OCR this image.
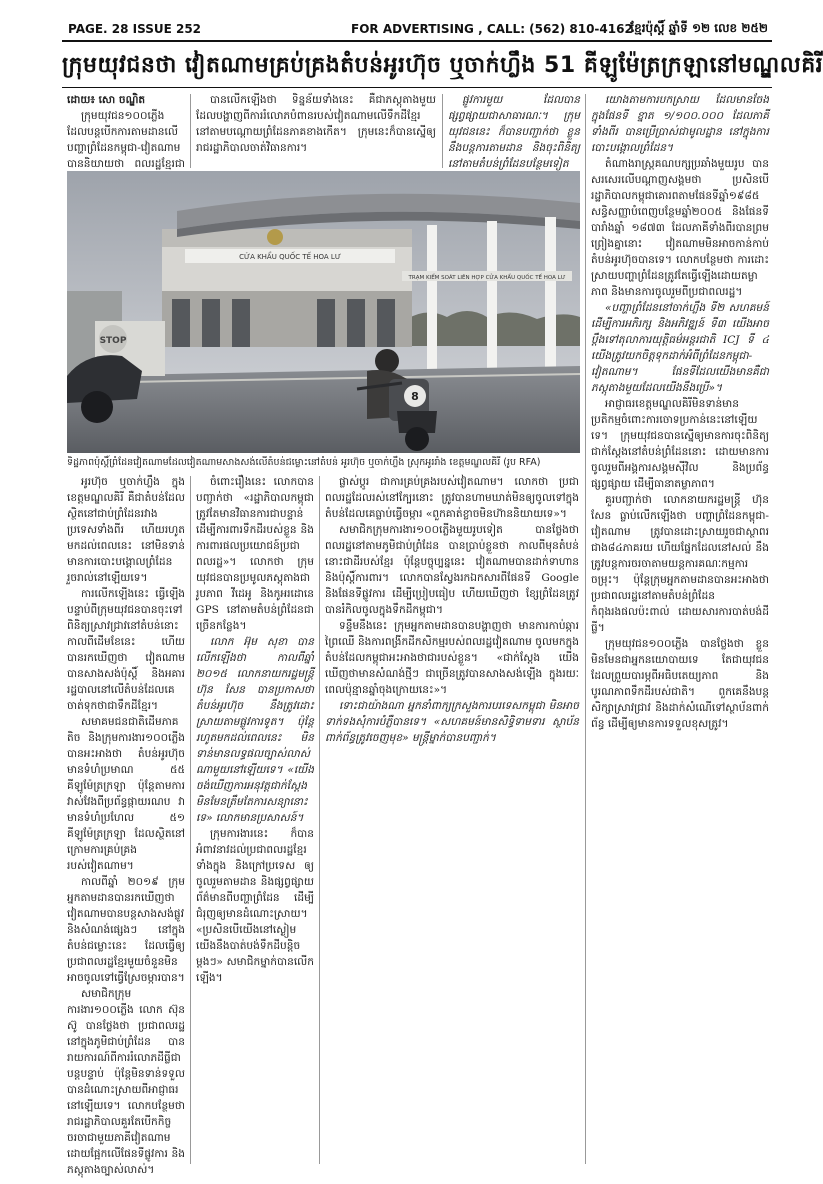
PAGE. 28 ISSUE 252	FOR ADVERTISING , CALL: (562) 810-4162
ខ្មែរប៉ុស្តិ៍ ឆ្នាំទី ១២ លេខ ២៥២
ក្រុមយុវជនថា វៀតណាមគ្រប់គ្រងតំបន់អូរហ៊ុច ឬចាក់ហ្លឹង 51 គីឡូម៉ែត្រក្រឡានៅមណ្ឌលគិរី

ដោយ៖ សោ ចណ្ឌិត

ក្រុមយុវជន១០០ភ្លើង ដែលបន្តបើកការតាមដានលើបញ្ហាព្រំដែនកម្ពុជា-វៀតណាម បាននិយាយថា ពលរដ្ឋខ្មែរជា

បានលើកឡើងថា ទិន្នន័យទាំងនេះ គឺជាភស្តុតាងមួយ ដែលបង្ហាញពីការរំលោភបំពានរបស់វៀតណាមលើទឹកដីខ្មែរ នៅតាមបណ្ដោយព្រំដែនភាគខាងកើត។ ក្រុមនេះក៏បានស្នើឲ្យរាជរដ្ឋាភិបាលចាត់វិធានការ។

ផ្លូវការមួយ ដែលបានផ្សព្វផ្សាយជាសាធារណៈ។ ក្រុមយុវជននេះ ក៏បានបញ្ជាក់ថា ខ្លួននឹងបន្តការតាមដាន និងចុះពិនិត្យនៅតាមតំបន់ព្រំដែនបន្ថែមទៀត

CỬA KHẨU QUỐC TẾ HOA LƯ
TRẠM KIỂM SOÁT LIÊN HỢP CỬA KHẨU QUỐC TẾ HOA LƯ
STOP
8
ទិដ្ឋភាពប៉ុស្ដិ៍ព្រំដែនវៀតណាមដែលវៀតណាមសាងសង់លើតំបន់ជម្លោះនៅតំបន់ អូរហ៊ុច ឬចាក់ហ្លឹង ស្រុកអូររាំង ខេត្តមណ្ឌលគិរី (រូប RFA)

យោងតាមការបកស្រាយ ដែលមានចែងក្នុងផែនទី ខ្នាត ១/១០០.០០០ ដែលភាគីទាំងពីរ បានប្រើប្រាស់ជាមូលដ្ឋាន នៅក្នុងការបោះបង្គោលព្រំដែន។

តំណាងរាស្ត្រគណបក្សប្រឆាំងមួយរូប បានសរសេរលើបណ្ដាញសង្គមថា ប្រសិនបើរដ្ឋាភិបាលកម្ពុជាគោរពតាមផែនទីឆ្នាំ១៩៨៥ សន្ធិសញ្ញាបំពេញបន្ថែមឆ្នាំ២០០៥ និងផែនទីបារាំងឆ្នាំ ១៨៧៣ ដែលភាគីទាំងពីរបានព្រមព្រៀងគ្នានោះ វៀតណាមមិនអាចកាន់កាប់តំបន់អូរហ៊ុចបានទេ។ លោកបន្ថែមថា ការដោះស្រាយបញ្ហាព្រំដែនត្រូវតែធ្វើឡើងដោយតម្លាភាព និងមានការចូលរួមពីប្រជាពលរដ្ឋ។

«បញ្ហាព្រំដែននៅចាក់ហ្លឹង ទី២ សហគមន៍ដើម្បីការអភិរក្ស និងអភិវឌ្ឍន៍ ទី៣ យើងអាចប្ដឹងទៅតុលាការយុត្តិធម៌អន្តរជាតិ ICJ ទី ៤ យើងត្រូវយកចិត្តទុកដាក់អំពីព្រំដែនកម្ពុជា-វៀតណាម។ ផែនទីដែលយើងមានគឺជាភស្តុតាងមួយដែលយើងនឹងប្រើ»។

អាជ្ញាធរខេត្តមណ្ឌលគិរីមិនទាន់មានប្រតិកម្មចំពោះការចោទប្រកាន់នេះនៅឡើយទេ។ ក្រុមយុវជនបានស្នើឲ្យមានការចុះពិនិត្យជាក់ស្ដែងនៅតំបន់ព្រំដែននោះ ដោយមានការចូលរួមពីអង្គការសង្គមស៊ីវិល និងប្រព័ន្ធផ្សព្វផ្សាយ ដើម្បីធានាតម្លាភាព។

គួរបញ្ជាក់ថា លោកនាយករដ្ឋមន្ត្រី ហ៊ុន សែន ធ្លាប់លើកឡើងថា បញ្ហាព្រំដែនកម្ពុជា-វៀតណាម ត្រូវបានដោះស្រាយរួចជាស្ថាពរជាង៨៤ភាគរយ ហើយផ្នែកដែលនៅសល់ នឹងត្រូវបន្តការចរចាតាមយន្តការគណៈកម្មការចម្រុះ។ ប៉ុន្តែក្រុមអ្នកតាមដានបានអះអាងថា ប្រជាពលរដ្ឋនៅតាមតំបន់ព្រំដែនកំពុងរងផលប៉ះពាល់ ដោយសារការបាត់បង់ដីធ្លី។

ក្រុមយុវជន១០០ភ្លើង បានថ្លែងថា ខ្លួនមិនមែនជាអ្នកនយោបាយទេ តែជាយុវជនដែលព្រួយបារម្ភពីអធិបតេយ្យភាព និងបូរណភាពទឹកដីរបស់ជាតិ។ ពួកគេនឹងបន្តសិក្សាស្រាវជ្រាវ និងដាក់សំណើទៅស្ថាប័នពាក់ព័ន្ធ ដើម្បីឲ្យមានការទទួលខុសត្រូវ។

អូរហ៊ុច ឬចាក់ហ្លឹង ក្នុងខេត្តមណ្ឌលគិរី គឺជាតំបន់ដែលស្ថិតនៅជាប់ព្រំដែនរវាងប្រទេសទាំងពីរ ហើយរហូតមកដល់ពេលនេះ នៅមិនទាន់មានការបោះបង្គោលព្រំដែនរួចរាល់នៅឡើយទេ។

ការលើកឡើងនេះ ធ្វើឡើងបន្ទាប់ពីក្រុមយុវជនបានចុះទៅពិនិត្យស្រាវជ្រាវនៅតំបន់នោះ កាលពីដើមខែនេះ ហើយបានរកឃើញថា វៀតណាមបានសាងសង់ប៉ុស្ដិ៍ និងអគាររដ្ឋបាលនៅលើតំបន់ដែលគេចាត់ទុកថាជាទឹកដីខ្មែរ។

សមាគមជនជាតិដើមភាគតិច និងក្រុមការងារ១០០ភ្លើង បានអះអាងថា តំបន់អូរហ៊ុច មានទំហំប្រមាណ ៥៥ គីឡូម៉ែត្រក្រឡា ប៉ុន្តែតាមការវាស់វែងពីប្រព័ន្ធផ្កាយរណប វាមានទំហំប្រហែល ៥១ គីឡូម៉ែត្រក្រឡា ដែលស្ថិតនៅក្រោមការគ្រប់គ្រងរបស់វៀតណាម។

កាលពីឆ្នាំ ២០១៩ ក្រុមអ្នកតាមដានបានរកឃើញថា វៀតណាមបានបន្តសាងសង់ផ្លូវ និងសំណង់ផ្សេងៗ នៅក្នុងតំបន់ជម្លោះនេះ ដែលធ្វើឲ្យប្រជាពលរដ្ឋខ្មែរមួយចំនួនមិនអាចចូលទៅធ្វើស្រែចម្ការបាន។

សមាជិកក្រុមការងារ១០០ភ្លើង លោក ស៊ុន ស៊ូ បានថ្លែងថា ប្រជាពលរដ្ឋនៅក្នុងភូមិជាប់ព្រំដែន បានរាយការណ៍ពីការរំលោភដីធ្លីជាបន្តបន្ទាប់ ប៉ុន្តែមិនទាន់ទទួលបានដំណោះស្រាយពីអាជ្ញាធរនៅឡើយទេ។ លោកបន្ថែមថា រាជរដ្ឋាភិបាលគួរតែបើកកិច្ចចរចាជាមួយភាគីវៀតណាម ដោយផ្អែកលើផែនទីផ្លូវការ និងភស្តុតាងច្បាស់លាស់។

ចំពោះរឿងនេះ លោកបានបញ្ជាក់ថា «រដ្ឋាភិបាលកម្ពុជាត្រូវតែមានវិធានការជាបន្ទាន់ ដើម្បីការពារទឹកដីរបស់ខ្លួន និងការពារផលប្រយោជន៍ប្រជាពលរដ្ឋ»។ លោកថា ក្រុមយុវជនបានប្រមូលភស្តុតាងជារូបភាព វីដេអូ និងកូអរដោនេ GPS នៅតាមតំបន់ព្រំដែនជាច្រើនកន្លែង។

លោក អ៊ុម សុខា បានលើកឡើងថា កាលពីឆ្នាំ ២០១៥ លោកនាយករដ្ឋមន្ត្រី ហ៊ុន សែន បានប្រកាសថា តំបន់អូរហ៊ុច នឹងត្រូវដោះស្រាយតាមផ្លូវការទូត។ ប៉ុន្តែរហូតមកដល់ពេលនេះ មិនទាន់មានលទ្ធផលច្បាស់លាស់ណាមួយនៅឡើយទេ។ «យើងចង់ឃើញការអនុវត្តជាក់ស្ដែង មិនមែនត្រឹមតែការសន្យានោះទេ» លោកមានប្រសាសន៍។

ក្រុមការងារនេះ ក៏បានអំពាវនាវដល់ប្រជាពលរដ្ឋខ្មែរទាំងក្នុង និងក្រៅប្រទេស ឲ្យចូលរួមតាមដាន និងផ្សព្វផ្សាយព័ត៌មានពីបញ្ហាព្រំដែន ដើម្បីជំរុញឲ្យមានដំណោះស្រាយ។ «ប្រសិនបើយើងនៅស្ងៀម យើងនឹងបាត់បង់ទឹកដីបន្តិចម្ដងៗ» សមាជិកម្នាក់បានលើកឡើង។

ផ្លាស់ប្តូរ ជាការគ្រប់គ្រងរបស់វៀតណាម។ លោកថា ប្រជាពលរដ្ឋដែលរស់នៅក្បែរនោះ ត្រូវបានហាមឃាត់មិនឲ្យចូលទៅក្នុងតំបន់ដែលគេធ្លាប់ធ្វើចម្ការ «ពួកគាត់ខ្លាចមិនហ៊ាននិយាយទេ»។

សមាជិកក្រុមការងារ១០០ភ្លើងមួយរូបទៀត បានថ្លែងថា ពលរដ្ឋនៅតាមភូមិជាប់ព្រំដែន បានប្រាប់ខ្លួនថា កាលពីមុនតំបន់នោះជាដីរបស់ខ្មែរ ប៉ុន្តែបច្ចុប្បន្ននេះ វៀតណាមបានដាក់ទាហាន និងប៉ុស្ដិ៍ការពារ។ លោកបានស្វែងរកឯកសារពីផែនទី Google និងផែនទីផ្លូវការ ដើម្បីប្រៀបធៀប ហើយឃើញថា ខ្សែព្រំដែនត្រូវបានរំកិលចូលក្នុងទឹកដីកម្ពុជា។

ទន្ទឹមនឹងនេះ ក្រុមអ្នកតាមដានបានបង្ហាញថា មានការកាប់ឆ្ការព្រៃឈើ និងការពង្រីកដីកសិកម្មរបស់ពលរដ្ឋវៀតណាម ចូលមកក្នុងតំបន់ដែលកម្ពុជាអះអាងថាជារបស់ខ្លួន។ «ជាក់ស្ដែង យើងឃើញថាមានសំណង់ថ្មីៗ ជាច្រើនត្រូវបានសាងសង់ឡើង ក្នុងរយៈពេលប៉ុន្មានឆ្នាំចុងក្រោយនេះ»។

ទោះជាយ៉ាងណា អ្នកនាំពាក្យក្រសួងការបរទេសកម្ពុជា មិនអាចទាក់ទងសុំការបំភ្លឺបានទេ។ «សហគមន៍មានសិទ្ធិទាមទារ ស្ថាប័នពាក់ព័ន្ធត្រូវចេញមុខ» មន្ត្រីម្នាក់បានបញ្ជាក់។
